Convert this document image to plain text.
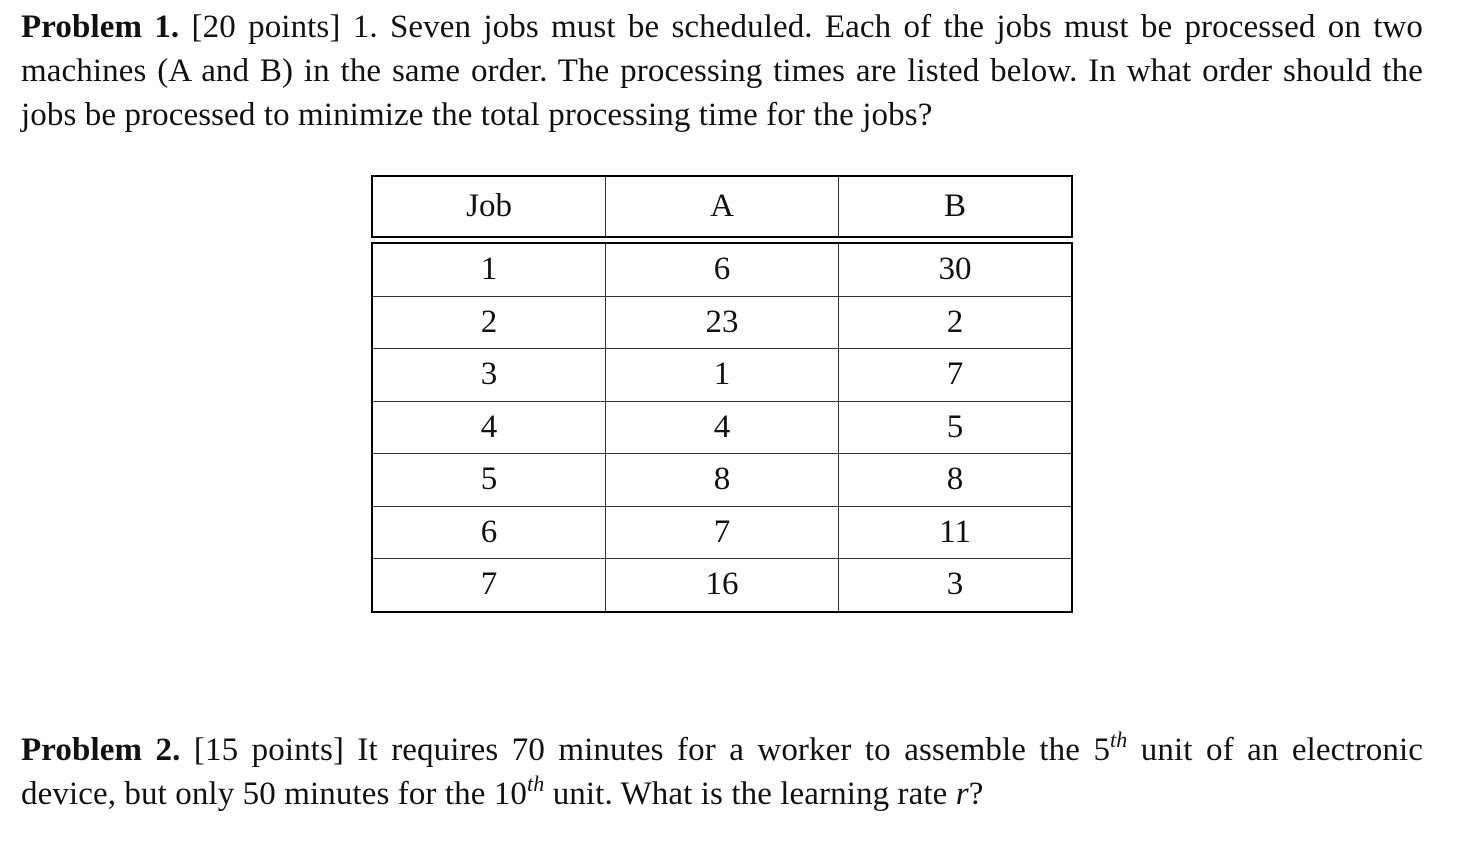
Problem 1. [20 points] 1. Seven jobs must be scheduled. Each of the jobs must be processed on two machines (A and B) in the same order. The processing times are listed below. In what order should the jobs be processed to minimize the total processing time for the jobs?
Job	A	B
1	6	30
2	23	2
3	1	7
4	4	5
5	8	8
6	7	11
7	16	3
Problem 2. [15 points] It requires 70 minutes for a worker to assemble the 5th unit of an electronic device, but only 50 minutes for the 10th unit. What is the learning rate r?
